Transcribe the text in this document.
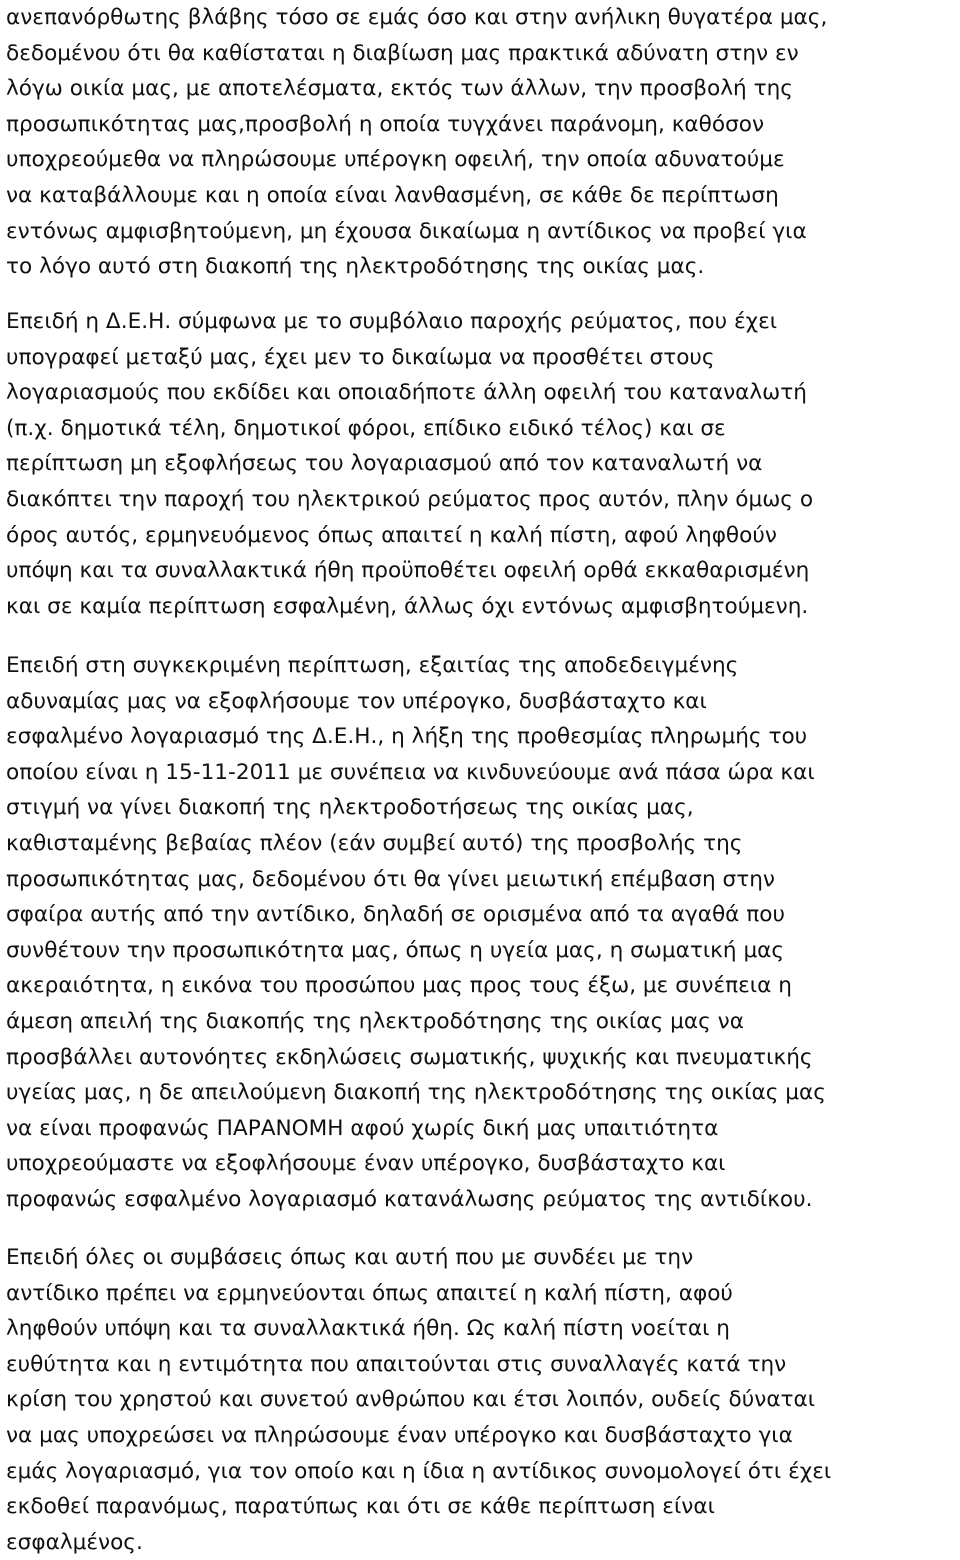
ανεπανόρθωτης βλάβης τόσο σε εμάς όσο και στην ανήλικη θυγατέρα μας,
δεδομένου ότι θα καθίσταται η διαβίωση μας πρακτικά αδύνατη στην εν
λόγω οικία μας, με αποτελέσματα, εκτός των άλλων, την προσβολή της
προσωπικότητας μας,προσβολή η οποία τυγχάνει παράνομη, καθόσον
υποχρεούμεθα να πληρώσουμε υπέρογκη οφειλή, την οποία αδυνατούμε
να καταβάλλουμε και η οποία είναι λανθασμένη, σε κάθε δε περίπτωση
εντόνως αμφισβητούμενη, μη έχουσα δικαίωμα η αντίδικος να προβεί για
το λόγο αυτό στη διακοπή της ηλεκτροδότησης της οικίας μας.

Επειδή η Δ.Ε.Η. σύμφωνα με το συμβόλαιο παροχής ρεύματος, που έχει
υπογραφεί μεταξύ μας, έχει μεν το δικαίωμα να προσθέτει στους
λογαριασμούς που εκδίδει και οποιαδήποτε άλλη οφειλή του καταναλωτή
(π.χ. δημοτικά τέλη, δημοτικοί φόροι, επίδικο ειδικό τέλος) και σε
περίπτωση μη εξοφλήσεως του λογαριασμού από τον καταναλωτή να
διακόπτει την παροχή του ηλεκτρικού ρεύματος προς αυτόν, πλην όμως ο
όρος αυτός, ερμηνευόμενος όπως απαιτεί η καλή πίστη, αφού ληφθούν
υπόψη και τα συναλλακτικά ήθη προϋποθέτει οφειλή ορθά εκκαθαρισμένη
και σε καμία περίπτωση εσφαλμένη, άλλως όχι εντόνως αμφισβητούμενη.

Επειδή στη συγκεκριμένη περίπτωση, εξαιτίας της αποδεδειγμένης
αδυναμίας μας να εξοφλήσουμε τον υπέρογκο, δυσβάσταχτο και
εσφαλμένο λογαριασμό της Δ.Ε.Η., η λήξη της προθεσμίας πληρωμής του
οποίου είναι η 15-11-2011 με συνέπεια να κινδυνεύουμε ανά πάσα ώρα και
στιγμή να γίνει διακοπή της ηλεκτροδοτήσεως της οικίας μας,
καθισταμένης βεβαίας πλέον (εάν συμβεί αυτό) της προσβολής της
προσωπικότητας μας, δεδομένου ότι θα γίνει μειωτική επέμβαση στην
σφαίρα αυτής από την αντίδικο, δηλαδή σε ορισμένα από τα αγαθά που
συνθέτουν την προσωπικότητα μας, όπως η υγεία μας, η σωματική μας
ακεραιότητα, η εικόνα του προσώπου μας προς τους έξω, με συνέπεια η
άμεση απειλή της διακοπής της ηλεκτροδότησης της οικίας μας να
προσβάλλει αυτονόητες εκδηλώσεις σωματικής, ψυχικής και πνευματικής
υγείας μας, η δε απειλούμενη διακοπή της ηλεκτροδότησης της οικίας μας
να είναι προφανώς ΠΑΡΑΝΟΜΗ αφού χωρίς δική μας υπαιτιότητα
υποχρεούμαστε να εξοφλήσουμε έναν υπέρογκο, δυσβάσταχτο και
προφανώς εσφαλμένο λογαριασμό κατανάλωσης ρεύματος της αντιδίκου.

Επειδή όλες οι συμβάσεις όπως και αυτή που με συνδέει με την
αντίδικο πρέπει να ερμηνεύονται όπως απαιτεί η καλή πίστη, αφού
ληφθούν υπόψη και τα συναλλακτικά ήθη. Ως καλή πίστη νοείται η
ευθύτητα και η εντιμότητα που απαιτούνται στις συναλλαγές κατά την
κρίση του χρηστού και συνετού ανθρώπου και έτσι λοιπόν, ουδείς δύναται
να μας υποχρεώσει να πληρώσουμε έναν υπέρογκο και δυσβάσταχτο για
εμάς λογαριασμό, για τον οποίο και η ίδια η αντίδικος συνομολογεί ότι έχει
εκδοθεί παρανόμως, παρατύπως και ότι σε κάθε περίπτωση είναι
εσφαλμένος.
